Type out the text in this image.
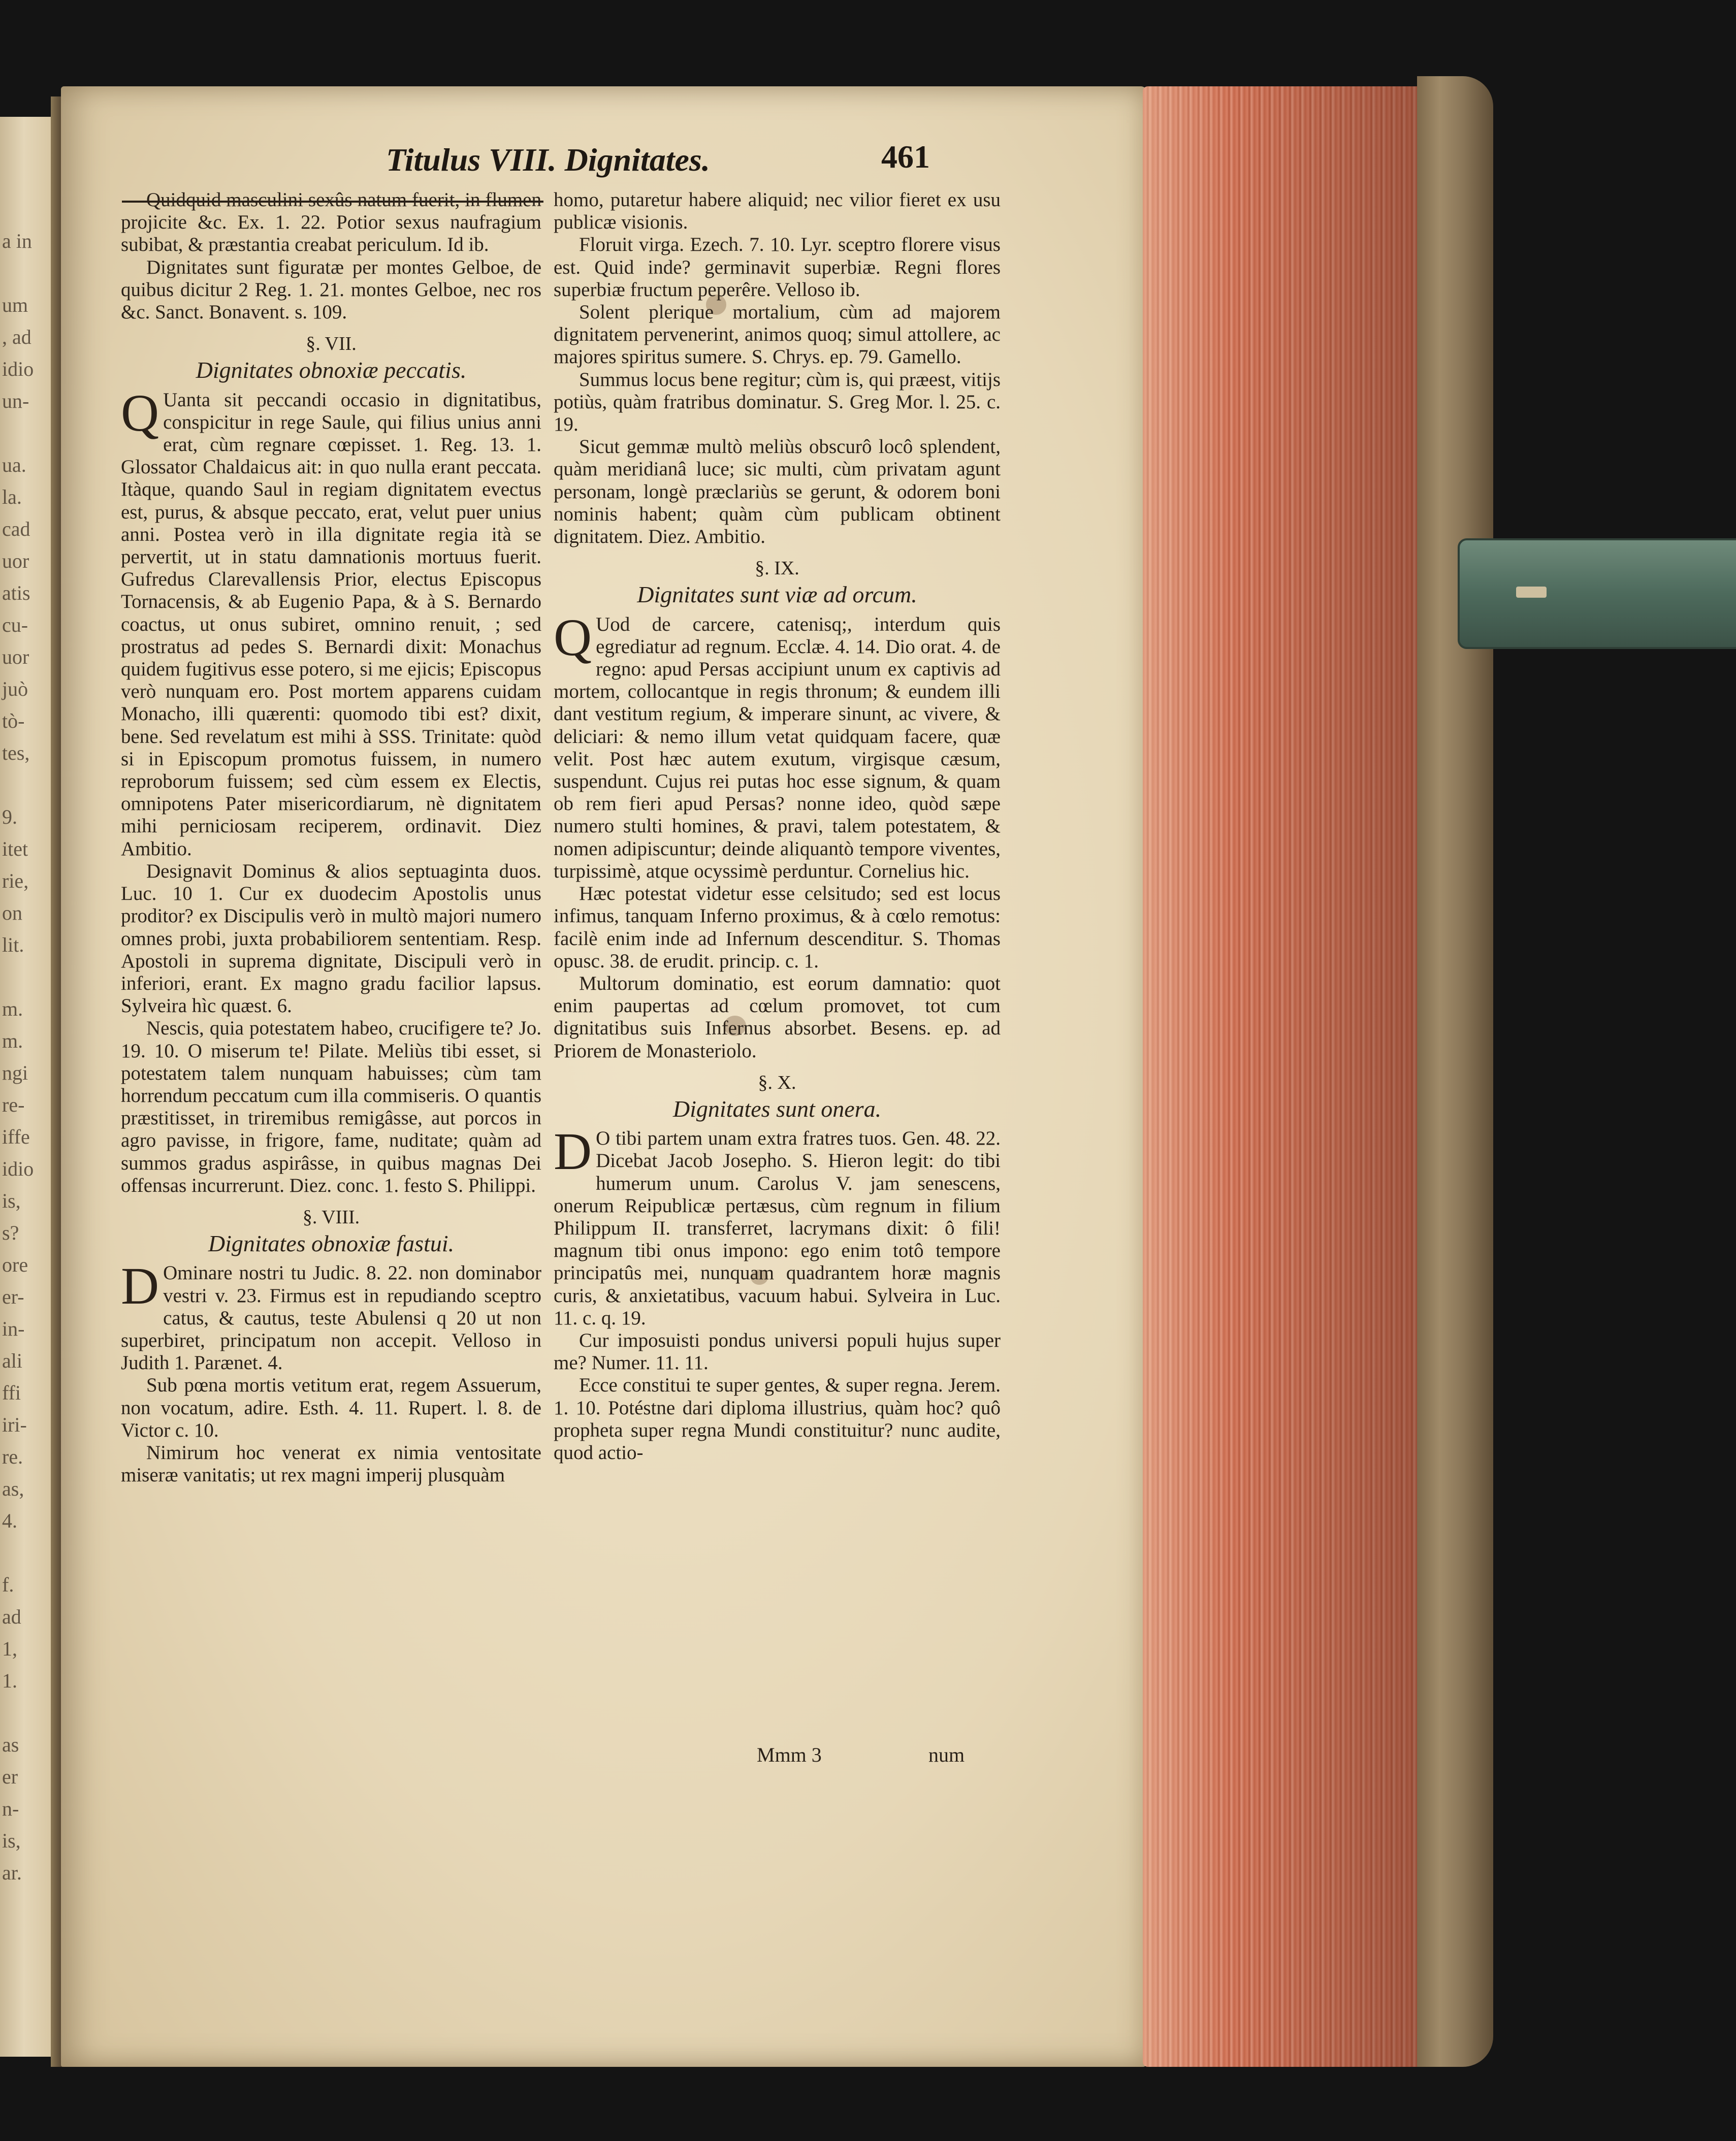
a in
um
, ad
idio
un-
ua.
la.
cad
uor
atis
cu-
uor
juò
tò-
tes,
9.
itet
rie,
on
lit.
m.
m.
ngi
re-
iffe
idio
is,
s?
ore
er-
in-
ali
ffi
iri-
re.
as,
4.
f.
ad
1,
1.
as
er
n-
is,
ar.
Titulus VIII. Dignitates.	461

Quidquid masculini sexûs natum fuerit, in flumen projicite &c. Ex. 1. 22. Potior sexus naufragium subibat, & præstantia creabat periculum. Id ib.

Dignitates sunt figuratæ per montes Gelboe, de quibus dicitur 2 Reg. 1. 21. montes Gelboe, nec ros &c. Sanct. Bonavent. s. 109.

§. VII.

Dignitates obnoxiæ peccatis.

Q Uanta sit peccandi occasio in dignitatibus, conspicitur in rege Saule, qui filius unius anni erat, cùm regnare cœpisset. 1. Reg. 13. 1. Glossator Chaldaicus ait: in quo nulla erant peccata. Itàque, quando Saul in regiam dignitatem evectus est, purus, & absque peccato, erat, velut puer unius anni. Postea verò in illa dignitate regia ità se pervertit, ut in statu damnationis mortuus fuerit. Gufredus Clarevallensis Prior, electus Episcopus Tornacensis, & ab Eugenio Papa, & à S. Bernardo coactus, ut onus subiret, omnino renuit, ; sed prostratus ad pedes S. Bernardi dixit: Monachus quidem fugitivus esse potero, si me ejicis; Episcopus verò nunquam ero. Post mortem apparens cuidam Monacho, illi quærenti: quomodo tibi est? dixit, bene. Sed revelatum est mihi à SSS. Trinitate: quòd si in Episcopum promotus fuissem, in numero reproborum fuissem; sed cùm essem ex Electis, omnipotens Pater misericordiarum, nè dignitatem mihi perniciosam reciperem, ordinavit. Diez Ambitio.

Designavit Dominus & alios septuaginta duos. Luc. 10 1. Cur ex duodecim Apostolis unus proditor? ex Discipulis verò in multò majori numero omnes probi, juxta probabiliorem sententiam. Resp. Apostoli in suprema dignitate, Discipuli verò in inferiori, erant. Ex magno gradu facilior lapsus. Sylveira hìc quæst. 6.

Nescis, quia potestatem habeo, crucifigere te? Jo. 19. 10. O miserum te! Pilate. Meliùs tibi esset, si potestatem talem nunquam habuisses; cùm tam horrendum peccatum cum illa commiseris. O quantis præstitisset, in triremibus remigâsse, aut porcos in agro pavisse, in frigore, fame, nuditate; quàm ad summos gradus aspirâsse, in quibus magnas Dei offensas incurrerunt. Diez. conc. 1. festo S. Philippi.

§. VIII.

Dignitates obnoxiæ fastui.

D Ominare nostri tu Judic. 8. 22. non dominabor vestri v. 23. Firmus est in repudiando sceptro catus, & cautus, teste Abulensi q 20 ut non superbiret, principatum non accepit. Velloso in Judith 1. Parænet. 4.

Sub pœna mortis vetitum erat, regem Assuerum, non vocatum, adire. Esth. 4. 11. Rupert. l. 8. de Victor c. 10.

Nimirum hoc venerat ex nimia ventositate miseræ vanitatis; ut rex magni imperij plusquàm

homo, putaretur habere aliquid; nec vilior fieret ex usu publicæ visionis.

Floruit virga. Ezech. 7. 10. Lyr. sceptro florere visus est. Quid inde? germinavit superbiæ. Regni flores superbiæ fructum peperêre. Velloso ib.

Solent plerique mortalium, cùm ad majorem dignitatem pervenerint, animos quoq; simul attollere, ac majores spiritus sumere. S. Chrys. ep. 79. Gamello.

Summus locus bene regitur; cùm is, qui præest, vitijs potiùs, quàm fratribus dominatur. S. Greg Mor. l. 25. c. 19.

Sicut gemmæ multò meliùs obscurô locô splendent, quàm meridianâ luce; sic multi, cùm privatam agunt personam, longè præclariùs se gerunt, & odorem boni nominis habent; quàm cùm publicam obtinent dignitatem. Diez. Ambitio.

§. IX.

Dignitates sunt viæ ad orcum.

Q Uod de carcere, catenisq;, interdum quis egrediatur ad regnum. Ecclæ. 4. 14. Dio orat. 4. de regno: apud Persas accipiunt unum ex captivis ad mortem, collocantque in regis thronum; & eundem illi dant vestitum regium, & imperare sinunt, ac vivere, & deliciari: & nemo illum vetat quidquam facere, quæ velit. Post hæc autem exutum, virgisque cæsum, suspendunt. Cujus rei putas hoc esse signum, & quam ob rem fieri apud Persas? nonne ideo, quòd sæpe numero stulti homines, & pravi, talem potestatem, & nomen adipiscuntur; deinde aliquantò tempore viventes, turpissimè, atque ocyssimè perduntur. Cornelius hic.

Hæc potestat videtur esse celsitudo; sed est locus infimus, tanquam Inferno proximus, & à cœlo remotus: facilè enim inde ad Infernum descenditur. S. Thomas opusc. 38. de erudit. princip. c. 1.

Multorum dominatio, est eorum damnatio: quot enim paupertas ad cœlum promovet, tot cum dignitatibus suis Infernus absorbet. Besens. ep. ad Priorem de Monasteriolo.

§. X.

Dignitates sunt onera.

D O tibi partem unam extra fratres tuos. Gen. 48. 22. Dicebat Jacob Josepho. S. Hieron legit: do tibi humerum unum. Carolus V. jam senescens, onerum Reipublicæ pertæsus, cùm regnum in filium Philippum II. transferret, lacrymans dixit: ô fili! magnum tibi onus impono: ego enim totô tempore principatûs mei, nunquam quadrantem horæ magnis curis, & anxietatibus, vacuum habui. Sylveira in Luc. 11. c. q. 19.

Cur imposuisti pondus universi populi hujus super me? Numer. 11. 11.

Ecce constitui te super gentes, & super regna. Jerem. 1. 10. Potéstne dari diploma illustrius, quàm hoc? quô propheta super regna Mundi constituitur? nunc audite, quod actio-

Mmm 3	num
